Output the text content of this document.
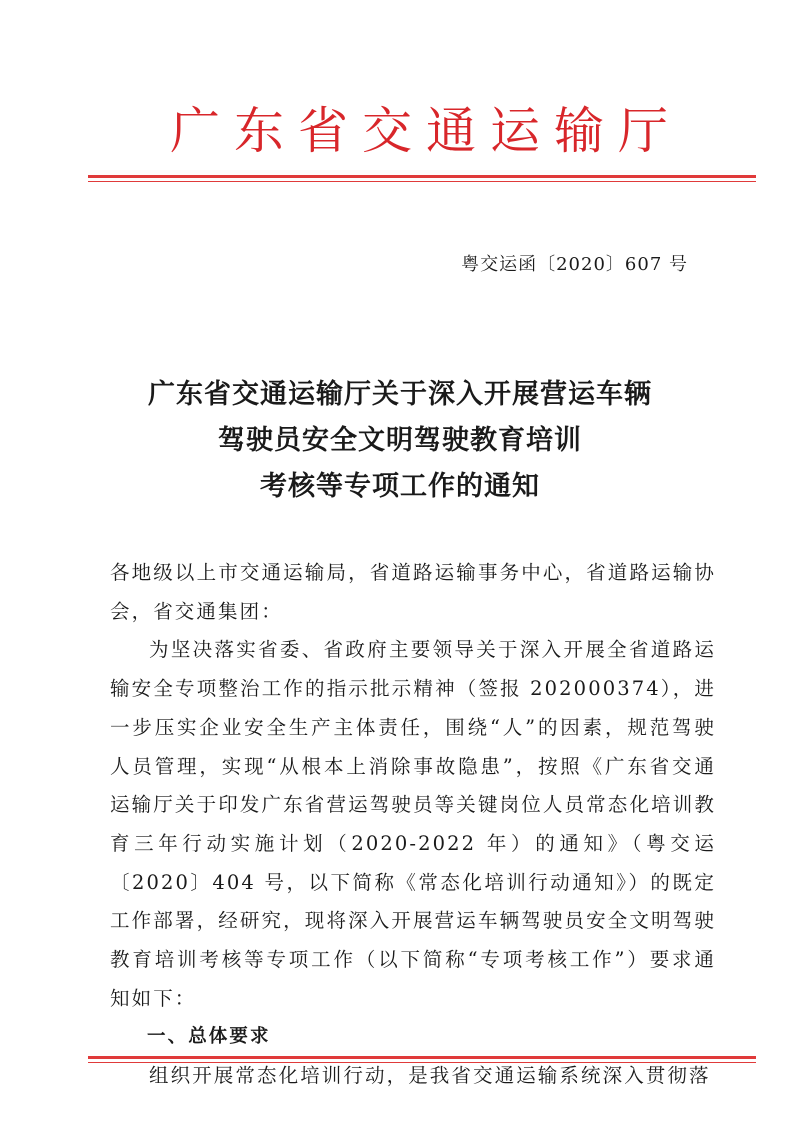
广东省交通运输厅
粤交运函〔2020〕607 号
广东省交通运输厅关于深入开展营运车辆
驾驶员安全文明驾驶教育培训
考核等专项工作的通知

各地级以上市交通运输局，省道路运输事务中心，省道路运输协会，省交通集团：

为坚决落实省委、省政府主要领导关于深入开展全省道路运输安全专项整治工作的指示批示精神（签报 202000374），进一步压实企业安全生产主体责任，围绕“人”的因素，规范驾驶人员管理，实现“从根本上消除事故隐患”，按照《广东省交通运输厅关于印发广东省营运驾驶员等关键岗位人员常态化培训教育三年行动实施计划（2020-2022 年）的通知》（粤交运〔2020〕404 号，以下简称《常态化培训行动通知》）的既定工作部署，经研究，现将深入开展营运车辆驾驶员安全文明驾驶教育培训考核等专项工作（以下简称“专项考核工作”）要求通知如下：

一、总体要求

组织开展常态化培训行动，是我省交通运输系统深入贯彻落
